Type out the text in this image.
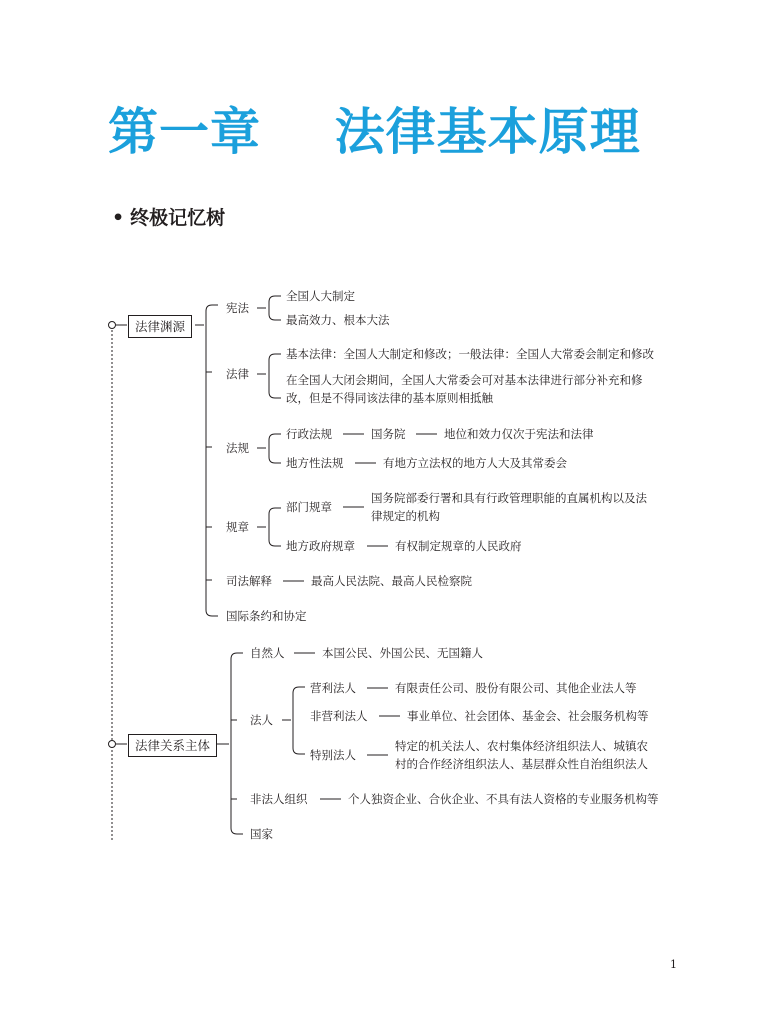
第一章    法律基本原理
• 终极记忆树
法律渊源
宪法
全国人大制定
最高效力、根本大法
法律
基本法律：全国人大制定和修改；一般法律：全国人大常委会制定和修改
在全国人大闭会期间，全国人大常委会可对基本法律进行部分补充和修
改，但是不得同该法律的基本原则相抵触
法规
行政法规	国务院	地位和效力仅次于宪法和法律
地方性法规	有地方立法权的地方人大及其常委会
规章
部门规章
国务院部委行署和具有行政管理职能的直属机构以及法
律规定的机构
地方政府规章	有权制定规章的人民政府
司法解释	最高人民法院、最高人民检察院
国际条约和协定
法律关系主体
自然人	本国公民、外国公民、无国籍人
法人
营利法人	有限责任公司、股份有限公司、其他企业法人等
非营利法人	事业单位、社会团体、基金会、社会服务机构等
特别法人
特定的机关法人、农村集体经济组织法人、城镇农
村的合作经济组织法人、基层群众性自治组织法人
非法人组织	个人独资企业、合伙企业、不具有法人资格的专业服务机构等
国家
1
